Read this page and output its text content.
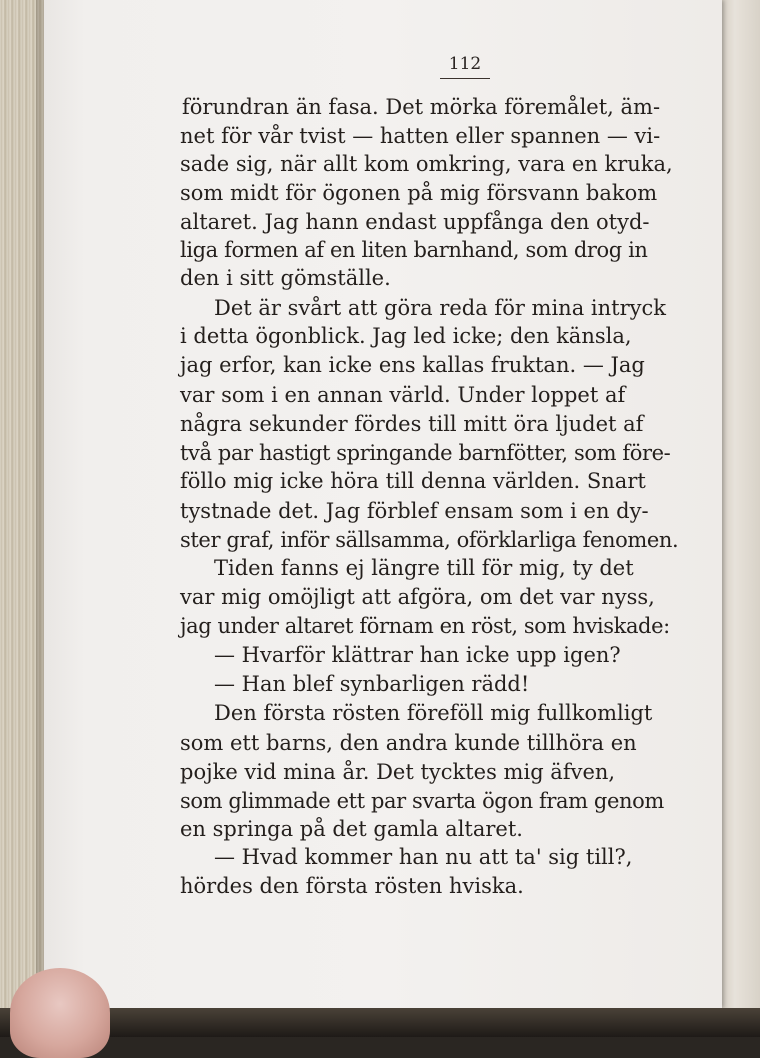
112
förundran än fasa. Det mörka föremålet, äm-
net för vår tvist — hatten eller spannen — vi-
sade sig, när allt kom omkring, vara en kruka,
som midt för ögonen på mig försvann bakom
altaret. Jag hann endast uppfånga den otyd-
liga formen af en liten barnhand, som drog in
den i sitt gömställe.
Det är svårt att göra reda för mina intryck
i detta ögonblick. Jag led icke; den känsla,
jag erfor, kan icke ens kallas fruktan. — Jag
var som i en annan värld. Under loppet af
några sekunder fördes till mitt öra ljudet af
två par hastigt springande barnfötter, som före-
föllo mig icke höra till denna världen. Snart
tystnade det. Jag förblef ensam som i en dy-
ster graf, inför sällsamma, oförklarliga fenomen.
Tiden fanns ej längre till för mig, ty det
var mig omöjligt att afgöra, om det var nyss,
jag under altaret förnam en röst, som hviskade:
— Hvarför klättrar han icke upp igen?
— Han blef synbarligen rädd!
Den första rösten föreföll mig fullkomligt
som ett barns, den andra kunde tillhöra en
pojke vid mina år. Det tycktes mig äfven,
som glimmade ett par svarta ögon fram genom
en springa på det gamla altaret.
— Hvad kommer han nu att ta' sig till?,
hördes den första rösten hviska.
